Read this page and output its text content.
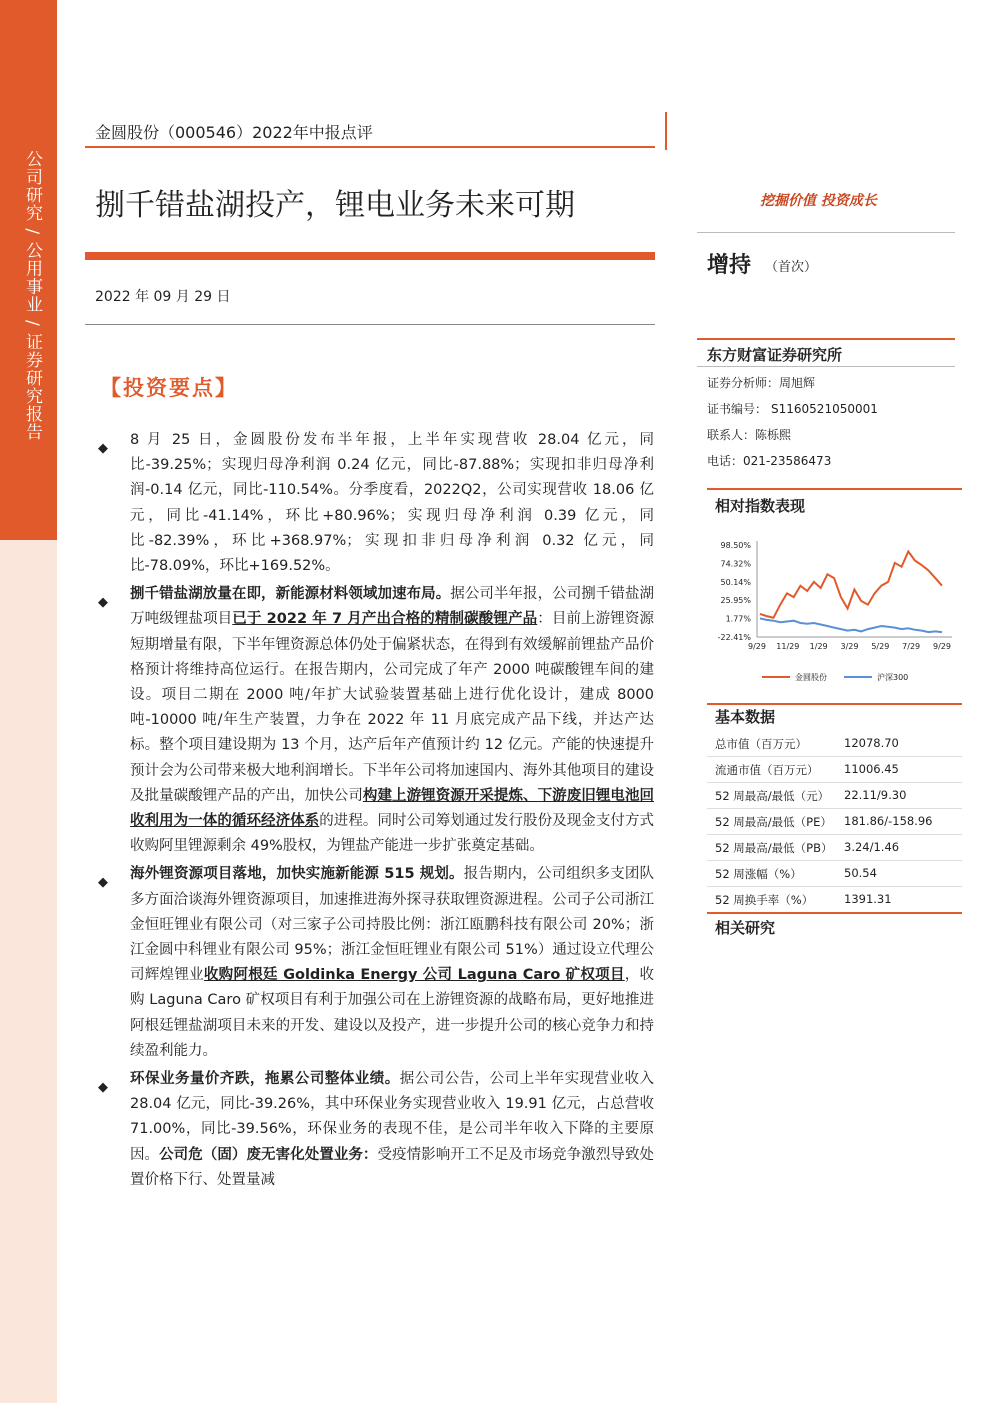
公司研究 / 公用事业 / 证券研究报告
金圆股份（000546）2022年中报点评
捌千错盐湖投产，锂电业务未来可期	挖掘价值 投资成长
2022 年 09 月 29 日
增持 （首次）
东方财富证券研究所
证券分析师：周旭辉
证书编号： S1160521050001
联系人：陈栎熙
电话：021-23586473
相对指数表现
98.50%
74.32%
50.14%
25.95%
1.77%
-22.41%
9/29 11/29 1/29 3/29 5/29 7/29 9/29
金圆股份	沪深300
基本数据
总市值（百万元）	12078.70
流通市值（百万元） 11006.45
52 周最高/最低（元） 22.11/9.30
52 周最高/最低（PE） 181.86/-158.96
52 周最高/最低（PB） 3.24/1.46
52 周涨幅（%）	50.54
52 周换手率（%）	1391.31
相关研究
【投资要点】
◆
8 月 25 日，金圆股份发布半年报，上半年实现营收 28.04 亿元，同比-39.25%；实现归母净利润 0.24 亿元，同比-87.88%；实现扣非归母净利润-0.14 亿元，同比-110.54%。分季度看，2022Q2，公司实现营收 18.06 亿元，同比-41.14%，环比+80.96%；实现归母净利润 0.39 亿元，同比-82.39%，环比+368.97%；实现扣非归母净利润 0.32 亿元，同比-78.09%，环比+169.52%。
◆
捌千错盐湖放量在即，新能源材料领域加速布局。据公司半年报，公司捌千错盐湖万吨级锂盐项目已于 2022 年 7 月产出合格的精制碳酸锂产品：目前上游锂资源短期增量有限，下半年锂资源总体仍处于偏紧状态，在得到有效缓解前锂盐产品价格预计将维持高位运行。在报告期内，公司完成了年产 2000 吨碳酸锂车间的建设。项目二期在 2000 吨/年扩大试验装置基础上进行优化设计，建成 8000 吨-10000 吨/年生产装置，力争在 2022 年 11 月底完成产品下线，并达产达标。整个项目建设期为 13 个月，达产后年产值预计约 12 亿元。产能的快速提升预计会为公司带来极大地利润增长。下半年公司将加速国内、海外其他项目的建设及批量碳酸锂产品的产出，加快公司构建上游锂资源开采提炼、下游废旧锂电池回收利用为一体的循环经济体系的进程。同时公司筹划通过发行股份及现金支付方式收购阿里锂源剩余 49%股权，为锂盐产能进一步扩张奠定基础。
◆
海外锂资源项目落地，加快实施新能源 515 规划。报告期内，公司组织多支团队多方面洽谈海外锂资源项目，加速推进海外探寻获取锂资源进程。公司子公司浙江金恒旺锂业有限公司（对三家子公司持股比例：浙江瓯鹏科技有限公司 20%；浙江金圆中科锂业有限公司 95%；浙江金恒旺锂业有限公司 51%）通过设立代理公司辉煌锂业收购阿根廷 Goldinka Energy 公司 Laguna Caro 矿权项目，收购 Laguna Caro 矿权项目有利于加强公司在上游锂资源的战略布局，更好地推进阿根廷锂盐湖项目未来的开发、建设以及投产，进一步提升公司的核心竞争力和持续盈利能力。
◆
环保业务量价齐跌，拖累公司整体业绩。据公司公告，公司上半年实现营业收入 28.04 亿元，同比-39.26%，其中环保业务实现营业收入 19.91 亿元，占总营收 71.00%，同比-39.56%，环保业务的表现不佳，是公司半年收入下降的主要原因。公司危（固）废无害化处置业务：受疫情影响开工不足及市场竞争激烈导致处置价格下行、处置量减
